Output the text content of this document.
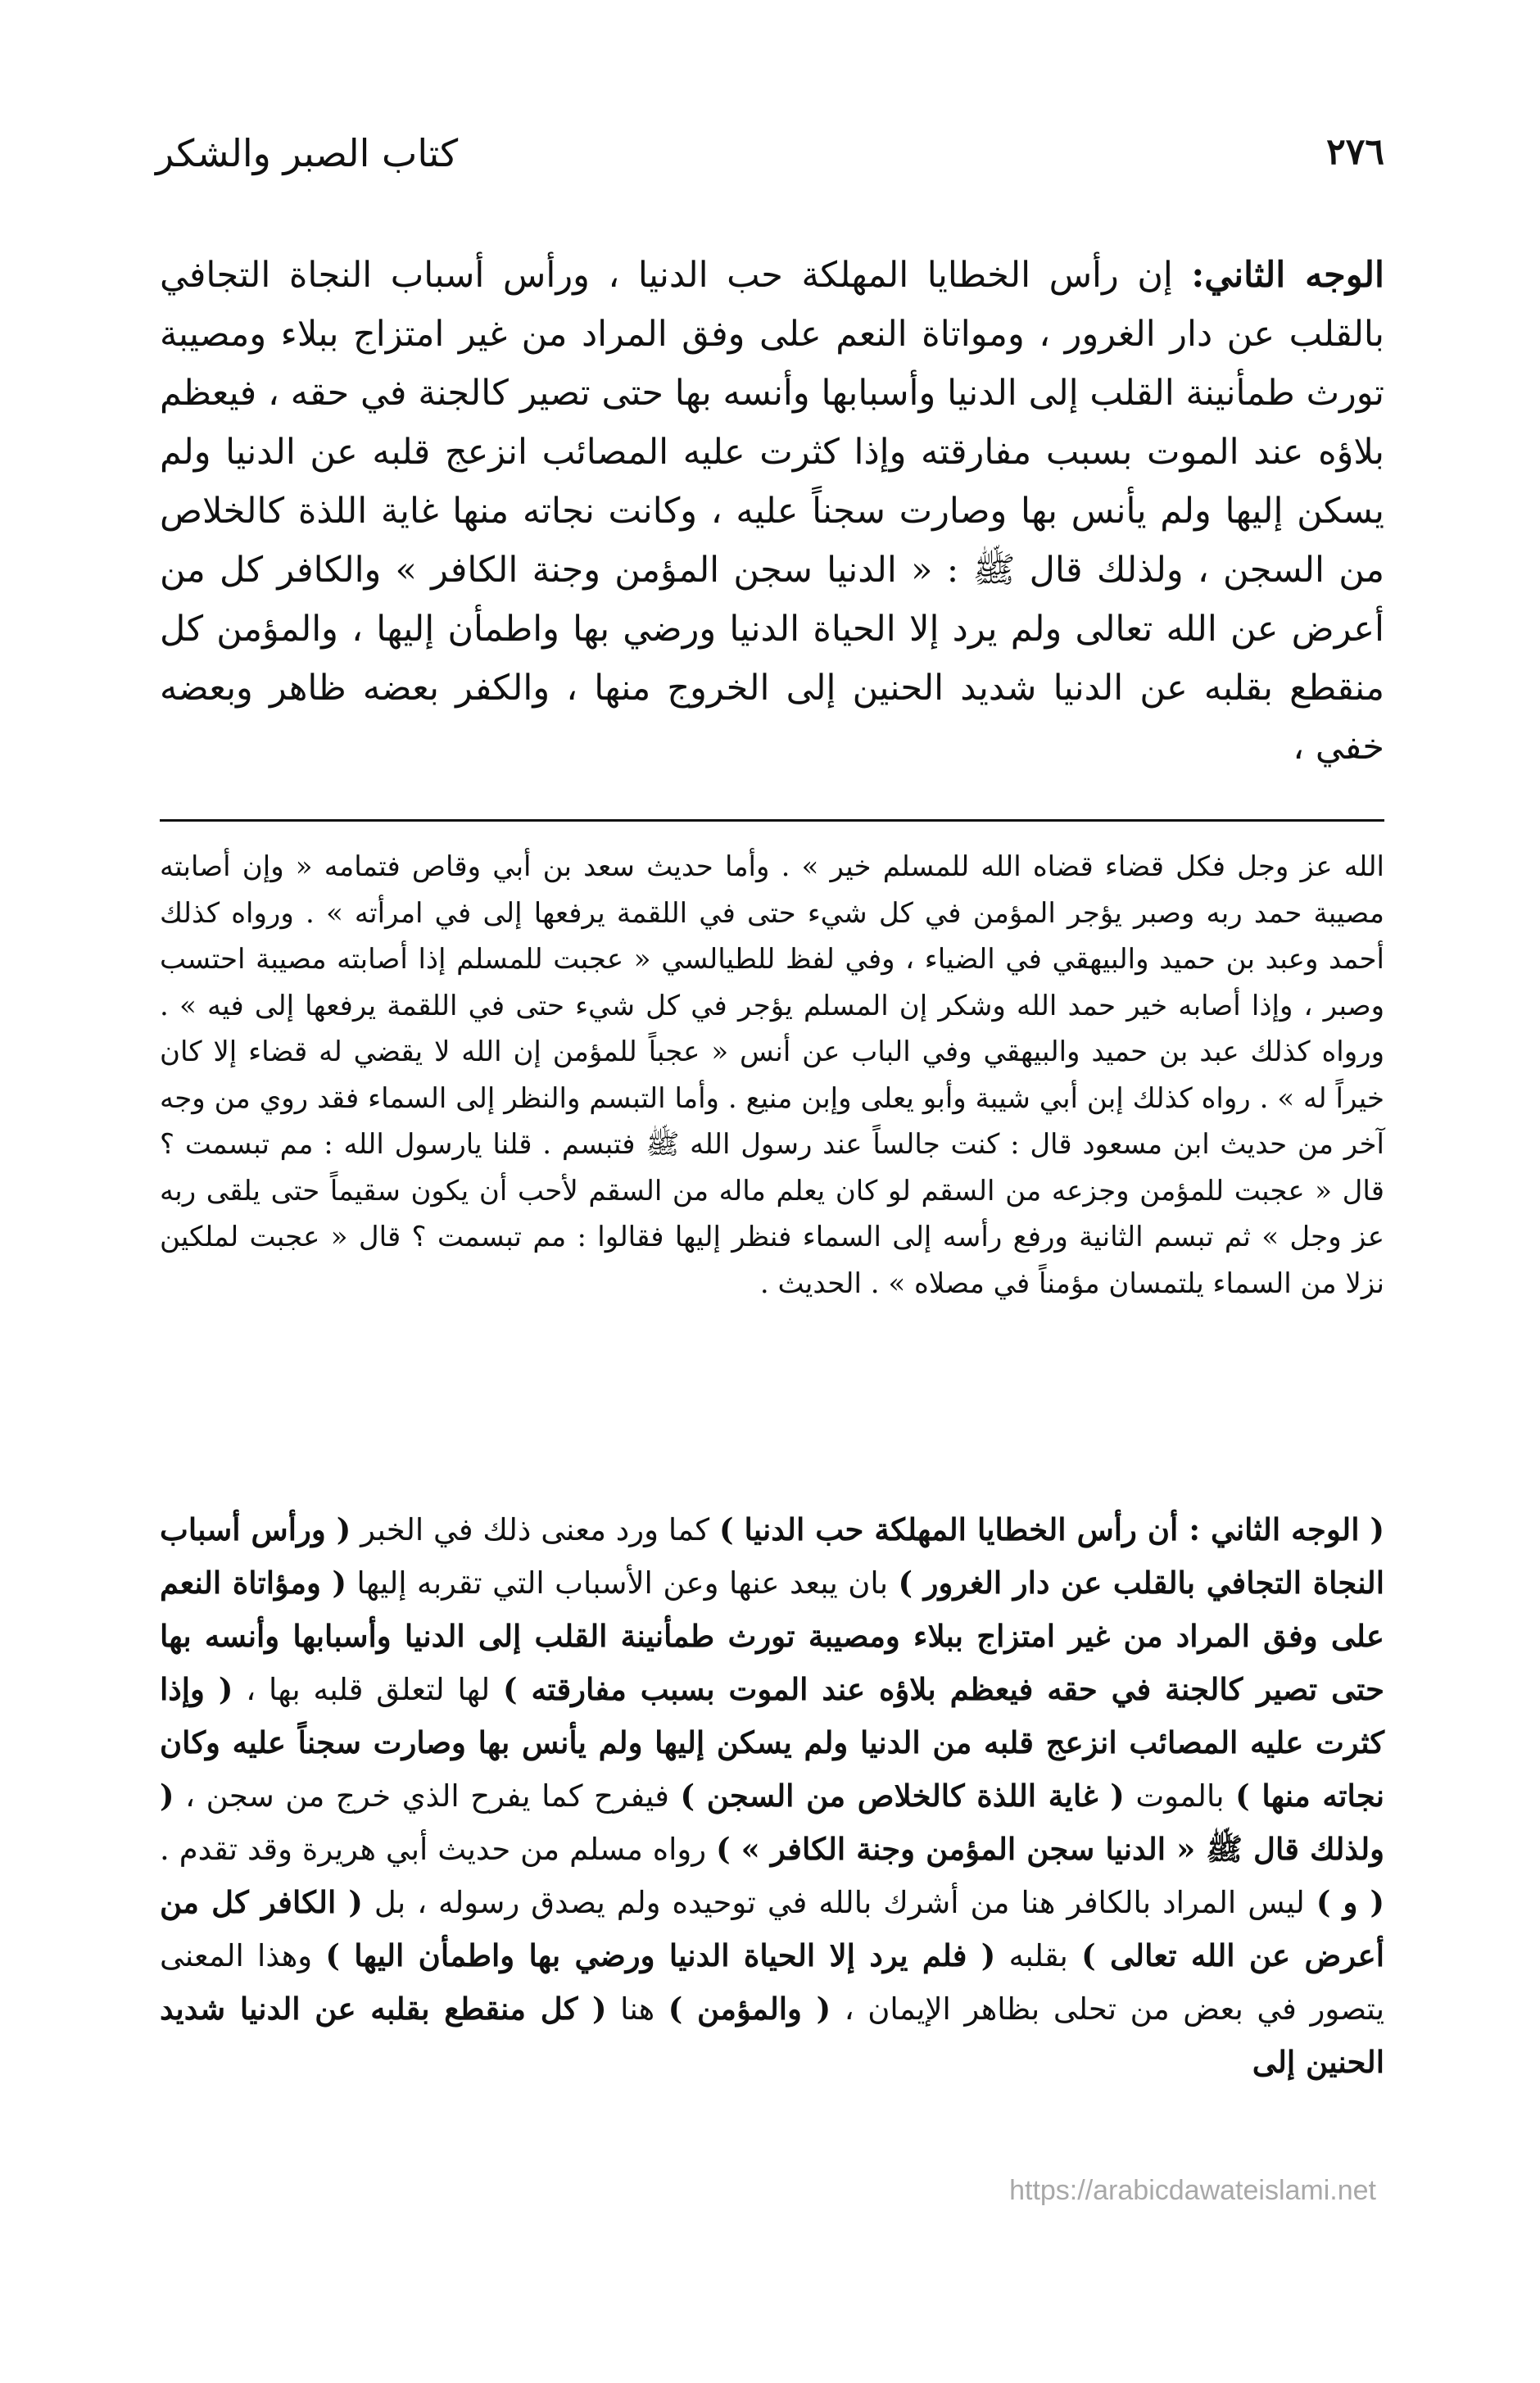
٢٧٦
كتاب الصبر والشكر

الوجه الثاني: إن رأس الخطايا المهلكة حب الدنيا ، ورأس أسباب النجاة التجافي بالقلب عن دار الغرور ، ومواتاة النعم على وفق المراد من غير امتزاج ببلاء ومصيبة تورث طمأنينة القلب إلى الدنيا وأسبابها وأنسه بها حتى تصير كالجنة في حقه ، فيعظم بلاؤه عند الموت بسبب مفارقته وإذا كثرت عليه المصائب انزعج قلبه عن الدنيا ولم يسكن إليها ولم يأنس بها وصارت سجناً عليه ، وكانت نجاته منها غاية اللذة كالخلاص من السجن ، ولذلك قال ﷺ : « الدنيا سجن المؤمن وجنة الكافر » والكافر كل من أعرض عن الله تعالى ولم يرد إلا الحياة الدنيا ورضي بها واطمأن إليها ، والمؤمن كل منقطع بقلبه عن الدنيا شديد الحنين إلى الخروج منها ، والكفر بعضه ظاهر وبعضه خفي ،

الله عز وجل فكل قضاء قضاه الله للمسلم خير » . وأما حديث سعد بن أبي وقاص فتمامه « وإن أصابته مصيبة حمد ربه وصبر يؤجر المؤمن في كل شيء حتى في اللقمة يرفعها إلى في امرأته » . ورواه كذلك أحمد وعبد بن حميد والبيهقي في الضياء ، وفي لفظ للطيالسي « عجبت للمسلم إذا أصابته مصيبة احتسب وصبر ، وإذا أصابه خير حمد الله وشكر إن المسلم يؤجر في كل شيء حتى في اللقمة يرفعها إلى فيه » . ورواه كذلك عبد بن حميد والبيهقي وفي الباب عن أنس « عجباً للمؤمن إن الله لا يقضي له قضاء إلا كان خيراً له » . رواه كذلك إبن أبي شيبة وأبو يعلى وإبن منيع . وأما التبسم والنظر إلى السماء فقد روي من وجه آخر من حديث ابن مسعود قال : كنت جالساً عند رسول الله ﷺ فتبسم . قلنا يارسول الله : مم تبسمت ؟ قال « عجبت للمؤمن وجزعه من السقم لو كان يعلم ماله من السقم لأحب أن يكون سقيماً حتى يلقى ربه عز وجل » ثم تبسم الثانية ورفع رأسه إلى السماء فنظر إليها فقالوا : مم تبسمت ؟ قال « عجبت لملكين نزلا من السماء يلتمسان مؤمناً في مصلاه » . الحديث .

( الوجه الثاني : أن رأس الخطايا المهلكة حب الدنيا ) كما ورد معنى ذلك في الخبر ( ورأس أسباب النجاة التجافي بالقلب عن دار الغرور ) بان يبعد عنها وعن الأسباب التي تقربه إليها ( ومؤاتاة النعم على وفق المراد من غير امتزاج ببلاء ومصيبة تورث طمأنينة القلب إلى الدنيا وأسبابها وأنسه بها حتى تصير كالجنة في حقه فيعظم بلاؤه عند الموت بسبب مفارقته ) لها لتعلق قلبه بها ، ( وإذا كثرت عليه المصائب انزعج قلبه من الدنيا ولم يسكن إليها ولم يأنس بها وصارت سجناً عليه وكان نجاته منها ) بالموت ( غاية اللذة كالخلاص من السجن ) فيفرح كما يفرح الذي خرج من سجن ، ( ولذلك قال ﷺ « الدنيا سجن المؤمن وجنة الكافر » ) رواه مسلم من حديث أبي هريرة وقد تقدم . ( و ) ليس المراد بالكافر هنا من أشرك بالله في توحيده ولم يصدق رسوله ، بل ( الكافر كل من أعرض عن الله تعالى ) بقلبه ( فلم يرد إلا الحياة الدنيا ورضي بها واطمأن اليها ) وهذا المعنى يتصور في بعض من تحلى بظاهر الإيمان ، ( والمؤمن ) هنا ( كل منقطع بقلبه عن الدنيا شديد الحنين إلى

https://arabicdawateislami.net
